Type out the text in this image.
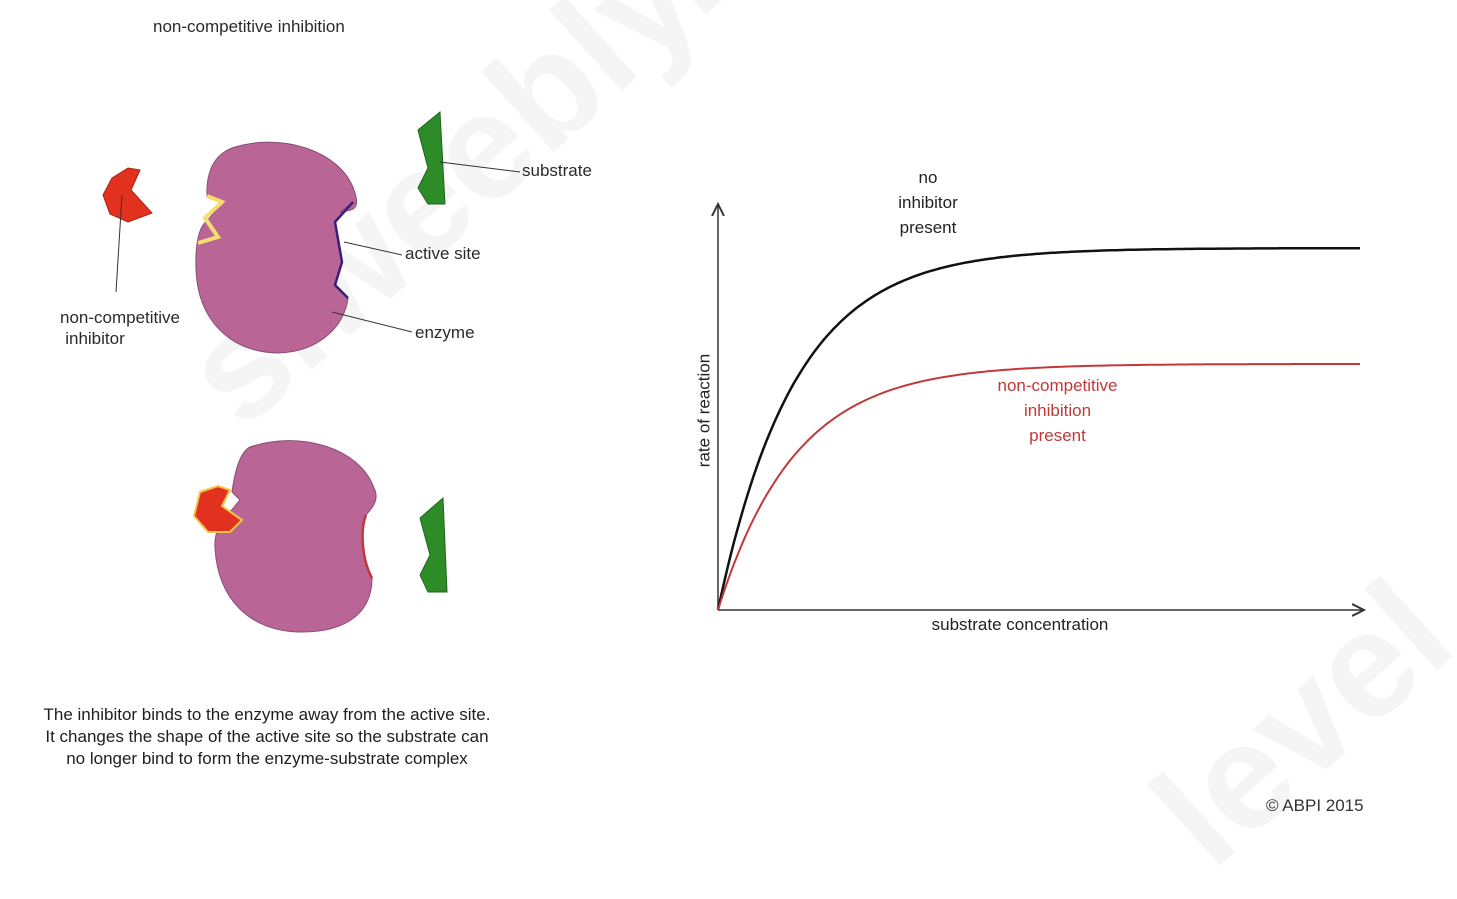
non-competitive inhibition
substrate
active site
enzyme
non-competitive
inhibitor
The inhibitor binds to the enzyme away from the active site.
It changes the shape of the active site so the substrate can
no longer bind to form the enzyme-substrate complex
substrate concentration
rate of reaction
no
inhibitor
present
non-competitive
inhibition
present
© ABPI 2015
